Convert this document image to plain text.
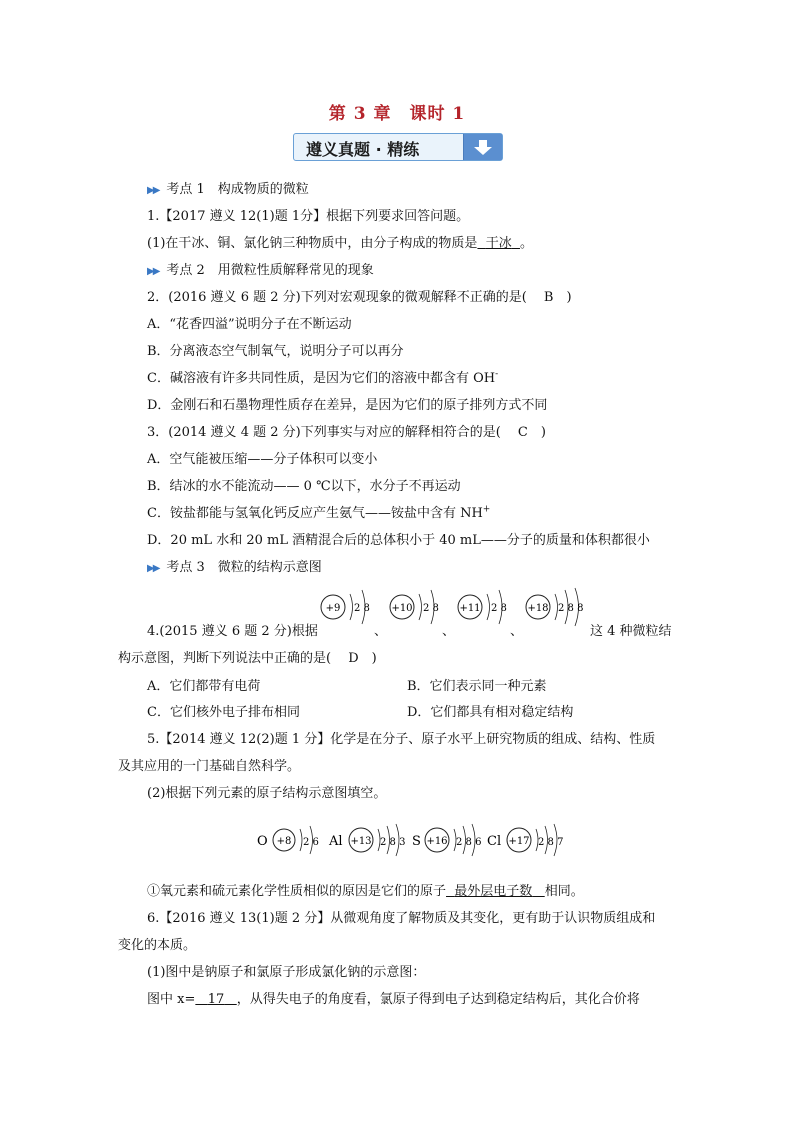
第 3 章　课时 1
遵义真题 · 精练
▶▶ 考点 1　构成物质的微粒
1.【2017 遵义 12(1)题 1分】根据下列要求回答问题。
(1)在干冰、铜、氯化钠三种物质中，由分子构成的物质是 干冰 。
▶▶ 考点 2　用微粒性质解释常见的现象
2．(2016 遵义 6 题 2 分)下列对宏观现象的微观解释不正确的是(　 B　)
A．“花香四溢”说明分子在不断运动
B．分离液态空气制氧气，说明分子可以再分
C．碱溶液有许多共同性质，是因为它们的溶液中都含有 OH-
D．金刚石和石墨物理性质存在差异，是因为它们的原子排列方式不同
3．(2014 遵义 4 题 2 分)下列事实与对应的解释相符合的是(　 C　)
A．空气能被压缩——分子体积可以变小
B．结冰的水不能流动—— 0 ℃以下，水分子不再运动
C．铵盐都能与氢氧化钙反应产生氨气——铵盐中含有 NH+
D．20 mL 水和 20 mL 酒精混合后的总体积小于 40 mL——分子的质量和体积都很小
▶▶ 考点 3　微粒的结构示意图
+9 2 8 +10 2 8 +11 2 8 +18 2 8 8
4.(2015 遵义 6 题 2 分)根据	、	、	、	这 4 种微粒结
构示意图，判断下列说法中正确的是(　 D　)
A．它们都带有电荷	B．它们表示同一种元素
C．它们核外电子排布相同	D．它们都具有相对稳定结构
5.【2014 遵义 12(2)题 1 分】化学是在分子、原子水平上研究物质的组成、结构、性质
及其应用的一门基础自然科学。
(2)根据下列元素的原子结构示意图填空。
O +8 2 6 Al +13 2 8 3 S +16 2 8 6 Cl +17 2 8 7
①氧元素和硫元素化学性质相似的原因是它们的原子 最外层电子数 相同。
6.【2016 遵义 13(1)题 2 分】从微观角度了解物质及其变化，更有助于认识物质组成和
变化的本质。
(1)图中是钠原子和氯原子形成氯化钠的示意图：
图中 x= 17 ，从得失电子的角度看，氯原子得到电子达到稳定结构后，其化合价将
